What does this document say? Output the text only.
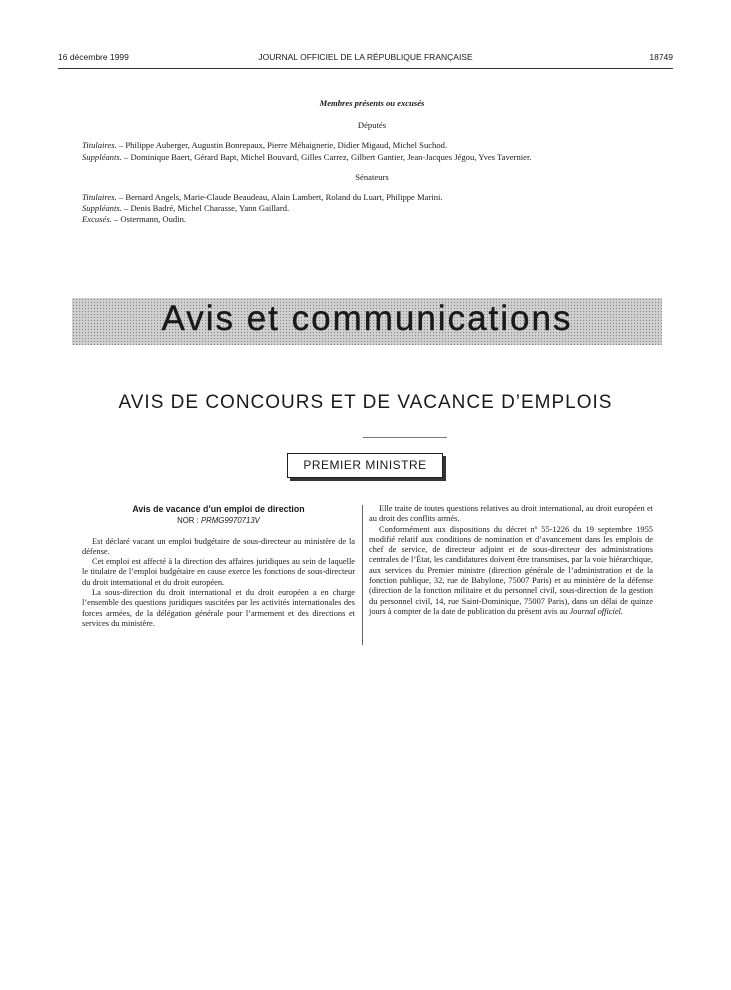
16 décembre 1999	JOURNAL OFFICIEL DE LA RÉPUBLIQUE FRANÇAISE	18749
Membres présents ou excusés
Députés
Titulaires. – Philippe Auberger, Augustin Bonrepaux, Pierre Méhaignerie, Didier Migaud, Michel Suchod.
Suppléants. – Dominique Baert, Gérard Bapt, Michel Bouvard, Gilles Carrez, Gilbert Gantier, Jean-Jacques Jégou, Yves Tavernier.
Sénateurs
Titulaires. – Bernard Angels, Marie-Claude Beaudeau, Alain Lambert, Roland du Luart, Philippe Marini.
Suppléants. – Denis Badré, Michel Charasse, Yann Gaillard.
Excusés. – Ostermann, Oudin.
Avis et communications
AVIS DE CONCOURS ET DE VACANCE D’EMPLOIS
PREMIER MINISTRE
Avis de vacance d’un emploi de direction
NOR : PRMG9970713V

Est déclaré vacant un emploi budgétaire de sous-directeur au ministère de la défense.

Cet emploi est affecté à la direction des affaires juridiques au sein de laquelle le titulaire de l’emploi budgétaire en cause exerce les fonctions de sous-directeur du droit international et du droit européen.

La sous-direction du droit international et du droit européen a en charge l’ensemble des questions juridiques suscitées par les activités internationales des forces armées, de la délégation générale pour l’armement et des directions et services du ministère.

Elle traite de toutes questions relatives au droit international, au droit européen et au droit des conflits armés.

Conformément aux dispositions du décret nº 55-1226 du 19 septembre 1955 modifié relatif aux conditions de nomination et d’avancement dans les emplois de chef de service, de directeur adjoint et de sous-directeur des administrations centrales de l’État, les candidatures doivent être transmises, par la voie hiérarchique, aux services du Premier ministre (direction générale de l’administration et de la fonction publique, 32, rue de Babylone, 75007 Paris) et au ministère de la défense (direction de la fonction militaire et du personnel civil, sous-direction de la gestion du personnel civil, 14, rue Saint-Dominique, 75007 Paris), dans un délai de quinze jours à compter de la date de publication du présent avis au Journal officiel.
